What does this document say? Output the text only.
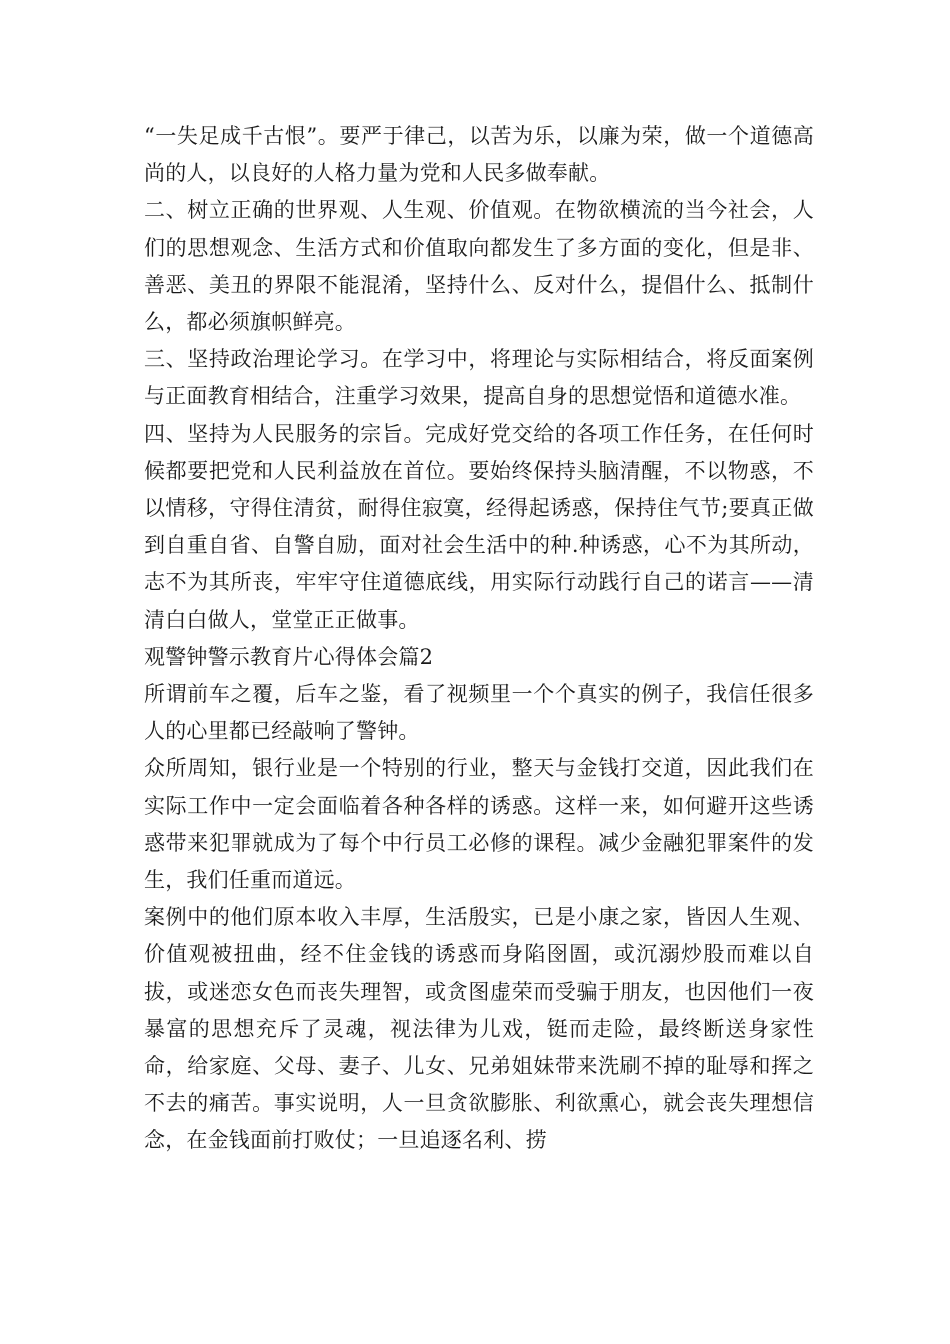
“一失足成千古恨”。要严于律己，以苦为乐，以廉为荣，做一个道德高尚的人，以良好的人格力量为党和人民多做奉献。

二、树立正确的世界观、人生观、价值观。在物欲横流的当今社会，人们的思想观念、生活方式和价值取向都发生了多方面的变化，但是非、善恶、美丑的界限不能混淆，坚持什么、反对什么，提倡什么、抵制什么，都必须旗帜鲜亮。

三、坚持政治理论学习。在学习中，将理论与实际相结合，将反面案例与正面教育相结合，注重学习效果，提高自身的思想觉悟和道德水准。

四、坚持为人民服务的宗旨。完成好党交给的各项工作任务，在任何时候都要把党和人民利益放在首位。要始终保持头脑清醒，不以物惑，不以情移，守得住清贫，耐得住寂寞，经得起诱惑，保持住气节;要真正做到自重自省、自警自励，面对社会生活中的种.种诱惑，心不为其所动，志不为其所丧，牢牢守住道德底线，用实际行动践行自己的诺言——清清白白做人，堂堂正正做事。

观警钟警示教育片心得体会篇2

所谓前车之覆，后车之鉴，看了视频里一个个真实的例子，我信任很多人的心里都已经敲响了警钟。

众所周知，银行业是一个特别的行业，整天与金钱打交道，因此我们在实际工作中一定会面临着各种各样的诱惑。这样一来，如何避开这些诱惑带来犯罪就成为了每个中行员工必修的课程。减少金融犯罪案件的发生，我们任重而道远。

案例中的他们原本收入丰厚，生活殷实，已是小康之家，皆因人生观、价值观被扭曲，经不住金钱的诱惑而身陷囹圄，或沉溺炒股而难以自拔，或迷恋女色而丧失理智，或贪图虚荣而受骗于朋友，也因他们一夜暴富的思想充斥了灵魂，视法律为儿戏，铤而走险，最终断送身家性命，给家庭、父母、妻子、儿女、兄弟姐妹带来洗刷不掉的耻辱和挥之不去的痛苦。事实说明，人一旦贪欲膨胀、利欲熏心，就会丧失理想信念，在金钱面前打败仗；一旦追逐名利、捞
